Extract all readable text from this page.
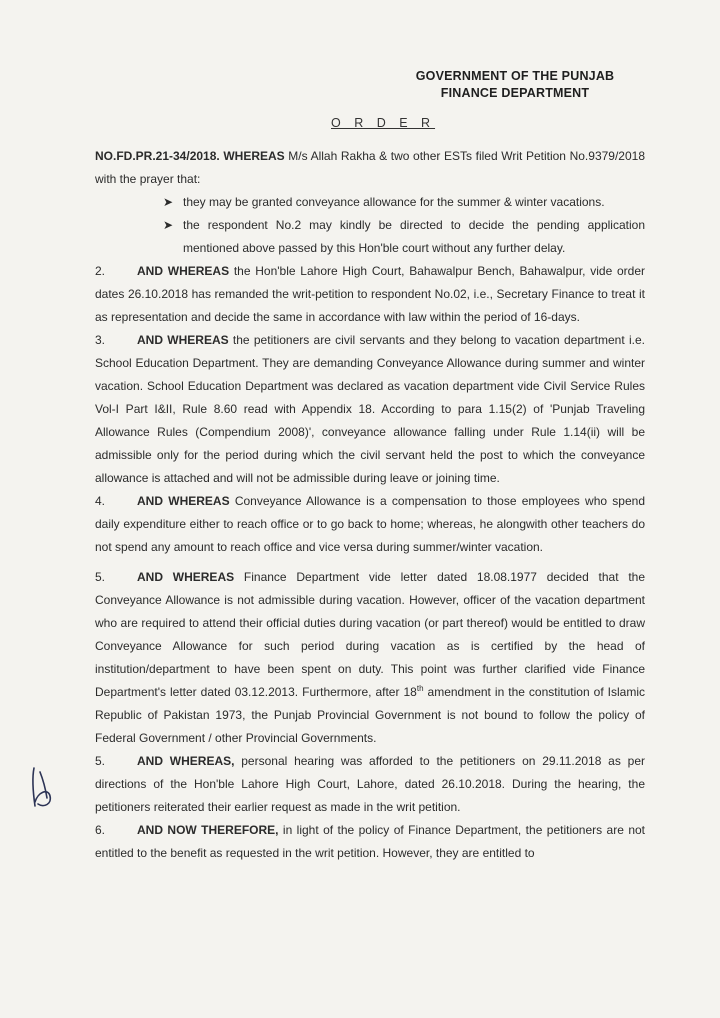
GOVERNMENT OF THE PUNJAB
FINANCE DEPARTMENT
O R D E R

NO.FD.PR.21-34/2018. WHEREAS M/s Allah Rakha & two other ESTs filed Writ Petition No.9379/2018 with the prayer that:

➤ they may be granted conveyance allowance for the summer & winter vacations.
➤ the respondent No.2 may kindly be directed to decide the pending application mentioned above passed by this Hon'ble court without any further delay.

2.	AND WHEREAS the Hon'ble Lahore High Court, Bahawalpur Bench, Bahawalpur, vide order dates 26.10.2018 has remanded the writ-petition to respondent No.02, i.e., Secretary Finance to treat it as representation and decide the same in accordance with law within the period of 16-days.

3.	AND WHEREAS the petitioners are civil servants and they belong to vacation department i.e. School Education Department. They are demanding Conveyance Allowance during summer and winter vacation. School Education Department was declared as vacation department vide Civil Service Rules Vol-I Part I&II, Rule 8.60 read with Appendix 18. According to para 1.15(2) of 'Punjab Traveling Allowance Rules (Compendium 2008)', conveyance allowance falling under Rule 1.14(ii) will be admissible only for the period during which the civil servant held the post to which the conveyance allowance is attached and will not be admissible during leave or joining time.

4.	AND WHEREAS Conveyance Allowance is a compensation to those employees who spend daily expenditure either to reach office or to go back to home; whereas, he alongwith other teachers do not spend any amount to reach office and vice versa during summer/winter vacation.

5.	AND WHEREAS Finance Department vide letter dated 18.08.1977 decided that the Conveyance Allowance is not admissible during vacation. However, officer of the vacation department who are required to attend their official duties during vacation (or part thereof) would be entitled to draw Conveyance Allowance for such period during vacation as is certified by the head of institution/department to have been spent on duty. This point was further clarified vide Finance Department's letter dated 03.12.2013. Furthermore, after 18th amendment in the constitution of Islamic Republic of Pakistan 1973, the Punjab Provincial Government is not bound to follow the policy of Federal Government / other Provincial Governments.

5.	AND WHEREAS, personal hearing was afforded to the petitioners on 29.11.2018 as per directions of the Hon'ble Lahore High Court, Lahore, dated 26.10.2018. During the hearing, the petitioners reiterated their earlier request as made in the writ petition.

6.	AND NOW THEREFORE, in light of the policy of Finance Department, the petitioners are not entitled to the benefit as requested in the writ petition. However, they are entitled to
